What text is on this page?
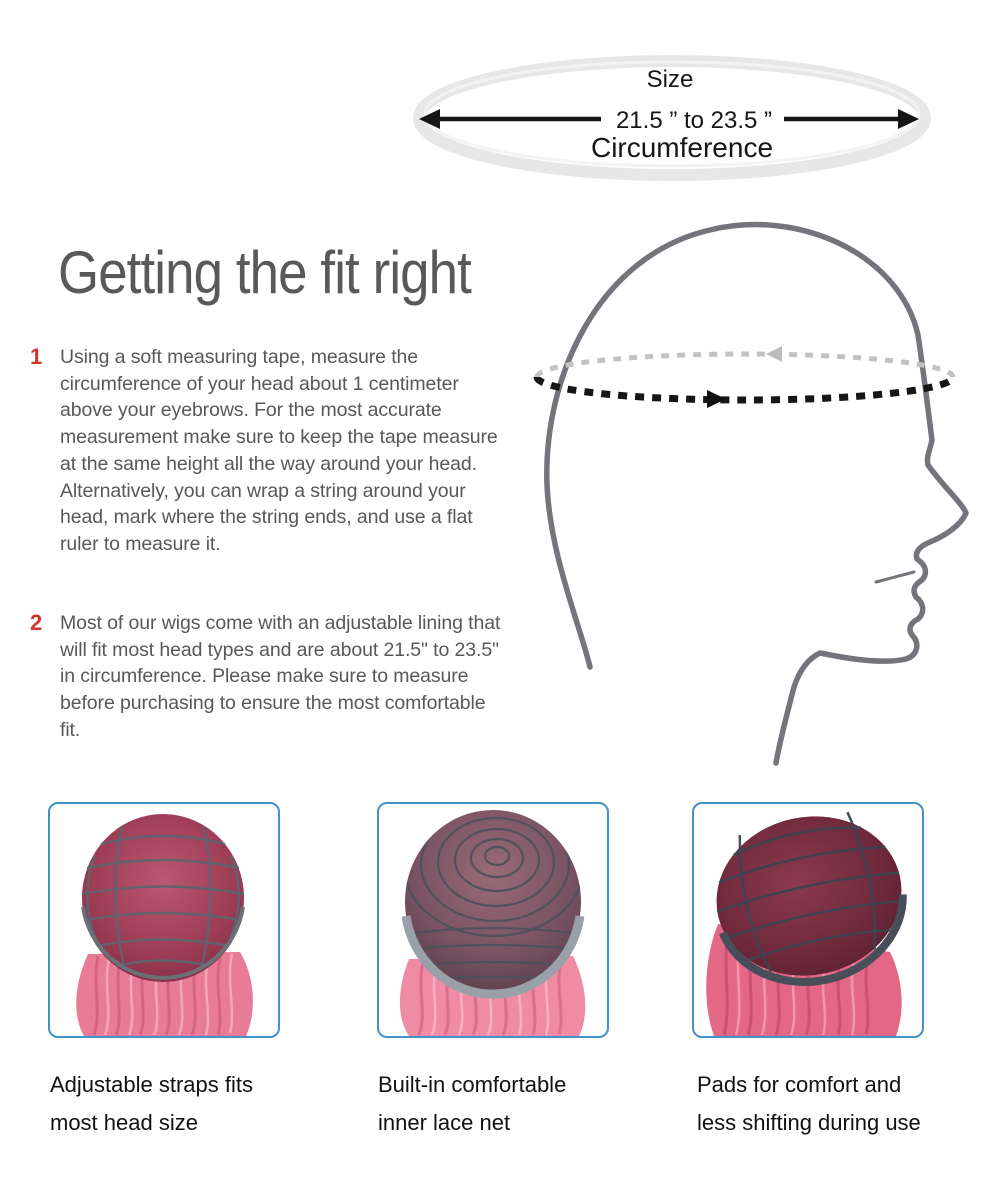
Size
21.5 ” to 23.5 ”
Circumference
Getting the fit right
1 Using a soft measuring tape, measure the circumference of your head about 1 centimeter above your eyebrows. For the most accurate measurement make sure to keep the tape measure at the same height all the way around your head. Alternatively, you can wrap a string around your head, mark where the string ends, and use a flat ruler to measure it.

2 Most of our wigs come with an adjustable lining that will fit most head types and are about 21.5" to 23.5" in circumference. Please make sure to measure before purchasing to ensure the most comfortable fit.

Adjustable straps fits
most head size
Built-in comfortable
inner lace net
Pads for comfort and
less shifting during use
